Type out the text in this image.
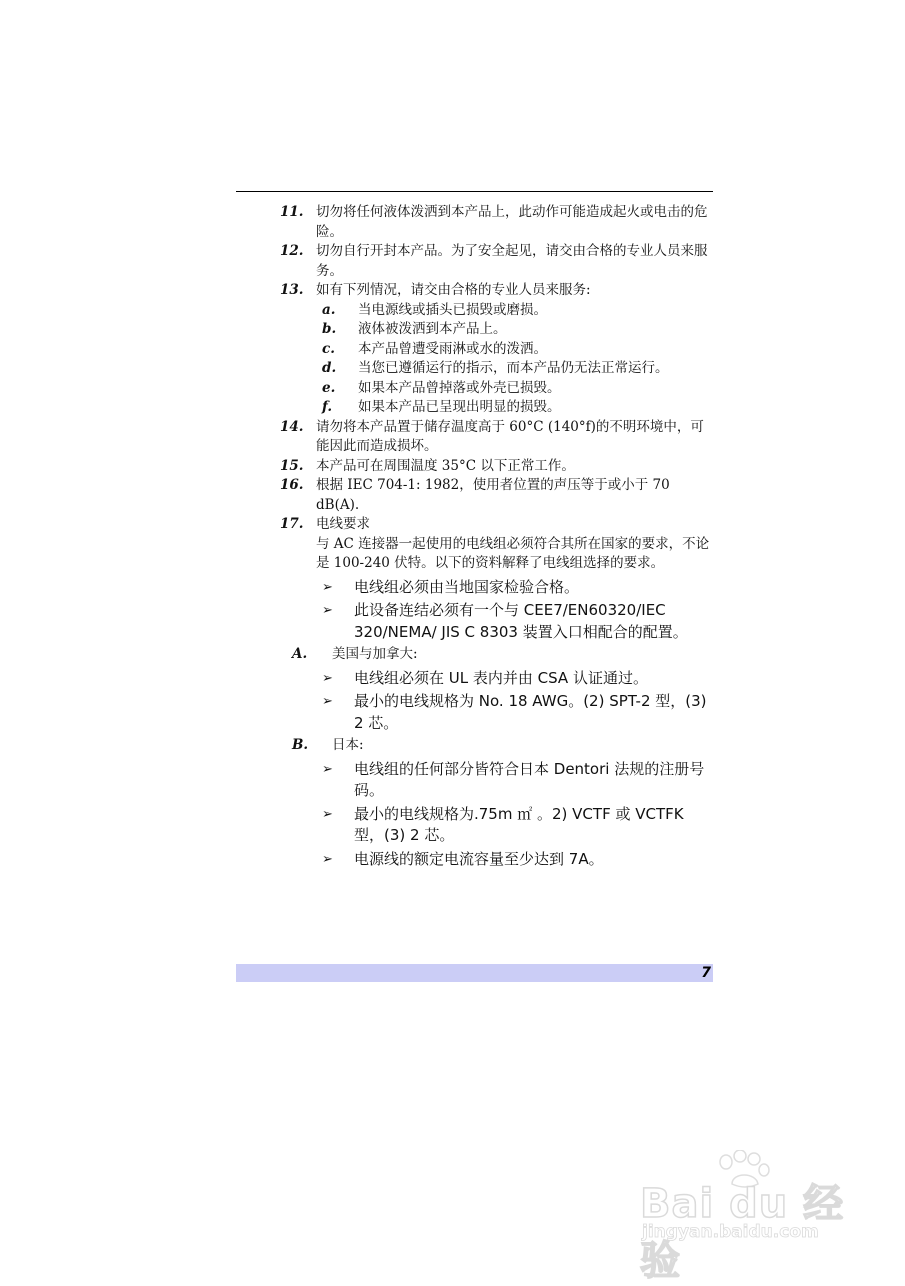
11. 切勿将任何液体泼洒到本产品上，此动作可能造成起火或电击的危险。
12. 切勿自行开封本产品。为了安全起见，请交由合格的专业人员来服务。
13. 如有下列情况，请交由合格的专业人员来服务:
a. 当电源线或插头已损毁或磨损。
b. 液体被泼洒到本产品上。
c. 本产品曾遭受雨淋或水的泼洒。
d. 当您已遵循运行的指示，而本产品仍无法正常运行。
e. 如果本产品曾掉落或外壳已损毁。
f. 如果本产品已呈现出明显的损毁。
14. 请勿将本产品置于储存温度高于 60°C (140°f)的不明环境中，可能因此而造成损坏。
15. 本产品可在周围温度 35°C 以下正常工作。
16. 根据 IEC 704-1: 1982，使用者位置的声压等于或小于 70 dB(A).
17. 电线要求
与 AC 连接器一起使用的电线组必须符合其所在国家的要求，不论是 100-240 伏特。以下的资料解释了电线组选择的要求。
➢ 电线组必须由当地国家检验合格。
➢ 此设备连结必须有一个与 CEE7/EN60320/IEC 320/NEMA/ JIS C 8303 装置入口相配合的配置。
A. 美国与加拿大:
➢ 电线组必须在 UL 表内并由 CSA 认证通过。
➢ 最小的电线规格为 No. 18 AWG。(2) SPT-2 型，(3) 2 芯。
B. 日本:
➢ 电线组的任何部分皆符合日本 Dentori 法规的注册号码。
➢ 最小的电线规格为.75m ㎡ 。2) VCTF 或 VCTFK 型，(3) 2 芯。
➢ 电源线的额定电流容量至少达到 7A。
7
Bai du 经验
jingyan.baidu.com
